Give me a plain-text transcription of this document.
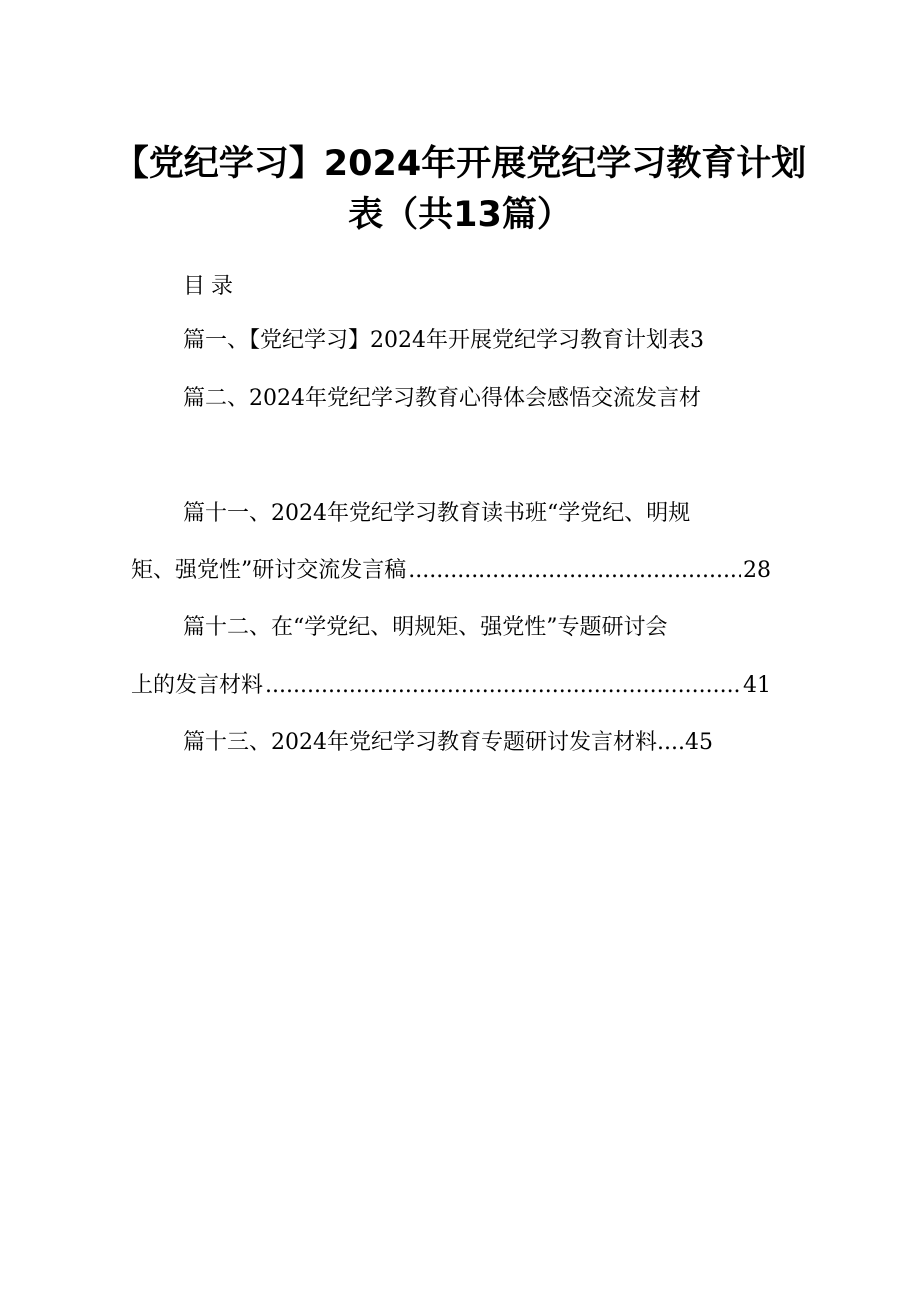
【党纪学习】2024年开展党纪学习教育计划
表（共13篇）
目录
篇一、【党纪学习】2024年开展党纪学习教育计划表3
篇二、2024年党纪学习教育心得体会感悟交流发言材
篇十一、2024年党纪学习教育读书班“学党纪、明规
矩、强党性”研讨交流发言稿 .....	28
篇十二、在“学党纪、明规矩、强党性”专题研讨会
上的发言材料 .....	41
篇十三、2024年党纪学习教育专题研讨发言材料....45
